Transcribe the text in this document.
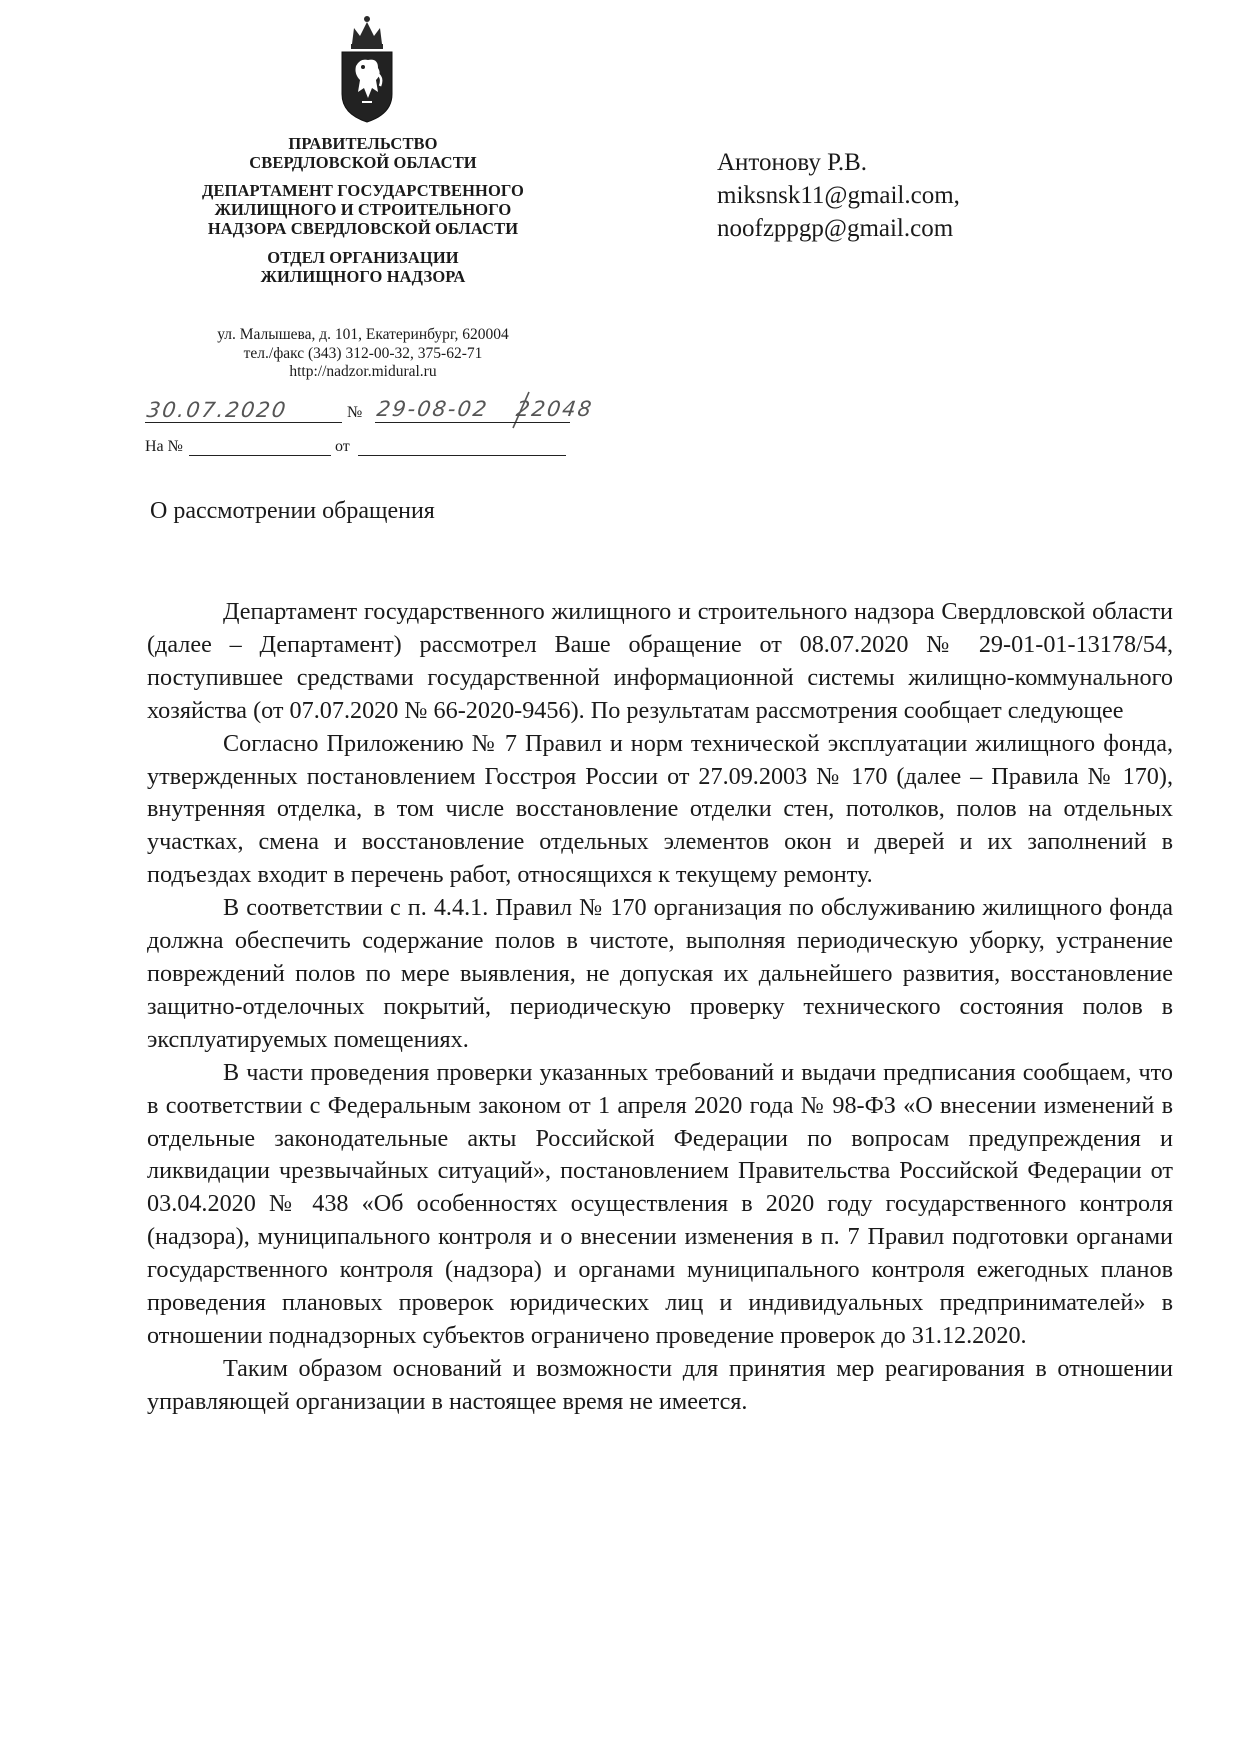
ПРАВИТЕЛЬСТВО
СВЕРДЛОВСКОЙ ОБЛАСТИ
ДЕПАРТАМЕНТ ГОСУДАРСТВЕННОГО
ЖИЛИЩНОГО И СТРОИТЕЛЬНОГО
НАДЗОРА СВЕРДЛОВСКОЙ ОБЛАСТИ
ОТДЕЛ ОРГАНИЗАЦИИ
ЖИЛИЩНОГО НАДЗОРА
ул. Малышева, д. 101, Екатеринбург, 620004
тел./факс (343) 312-00-32, 375-62-71
http://nadzor.midural.ru
30.07.2020	№ 29-08-02 22048
На №	от
Антонову Р.В.
miksnsk11@gmail.com,
noofzppgp@gmail.com
О рассмотрении обращения

Департамент государственного жилищного и строительного надзора Свердловской области (далее – Департамент) рассмотрел Ваше обращение от 08.07.2020 № 29-01-01-13178/54, поступившее средствами государственной информационной системы жилищно-коммунального хозяйства (от 07.07.2020 № 66-2020-9456). По результатам рассмотрения сообщает следующее

Согласно Приложению № 7 Правил и норм технической эксплуатации жилищного фонда, утвержденных постановлением Госстроя России от 27.09.2003 № 170 (далее – Правила № 170), внутренняя отделка, в том числе восстановление отделки стен, потолков, полов на отдельных участках, смена и восстановление отдельных элементов окон и дверей и их заполнений в подъездах входит в перечень работ, относящихся к текущему ремонту.

В соответствии с п. 4.4.1. Правил № 170 организация по обслуживанию жилищного фонда должна обеспечить содержание полов в чистоте, выполняя периодическую уборку, устранение повреждений полов по мере выявления, не допуская их дальнейшего развития, восстановление защитно-отделочных покрытий, периодическую проверку технического состояния полов в эксплуатируемых помещениях.

В части проведения проверки указанных требований и выдачи предписания сообщаем, что в соответствии с Федеральным законом от 1 апреля 2020 года № 98-ФЗ «О внесении изменений в отдельные законодательные акты Российской Федерации по вопросам предупреждения и ликвидации чрезвычайных ситуаций», постановлением Правительства Российской Федерации от 03.04.2020 № 438 «Об особенностях осуществления в 2020 году государственного контроля (надзора), муниципального контроля и о внесении изменения в п. 7 Правил подготовки органами государственного контроля (надзора) и органами муниципального контроля ежегодных планов проведения плановых проверок юридических лиц и индивидуальных предпринимателей» в отношении поднадзорных субъектов ограничено проведение проверок до 31.12.2020.

Таким образом оснований и возможности для принятия мер реагирования в отношении управляющей организации в настоящее время не имеется.
